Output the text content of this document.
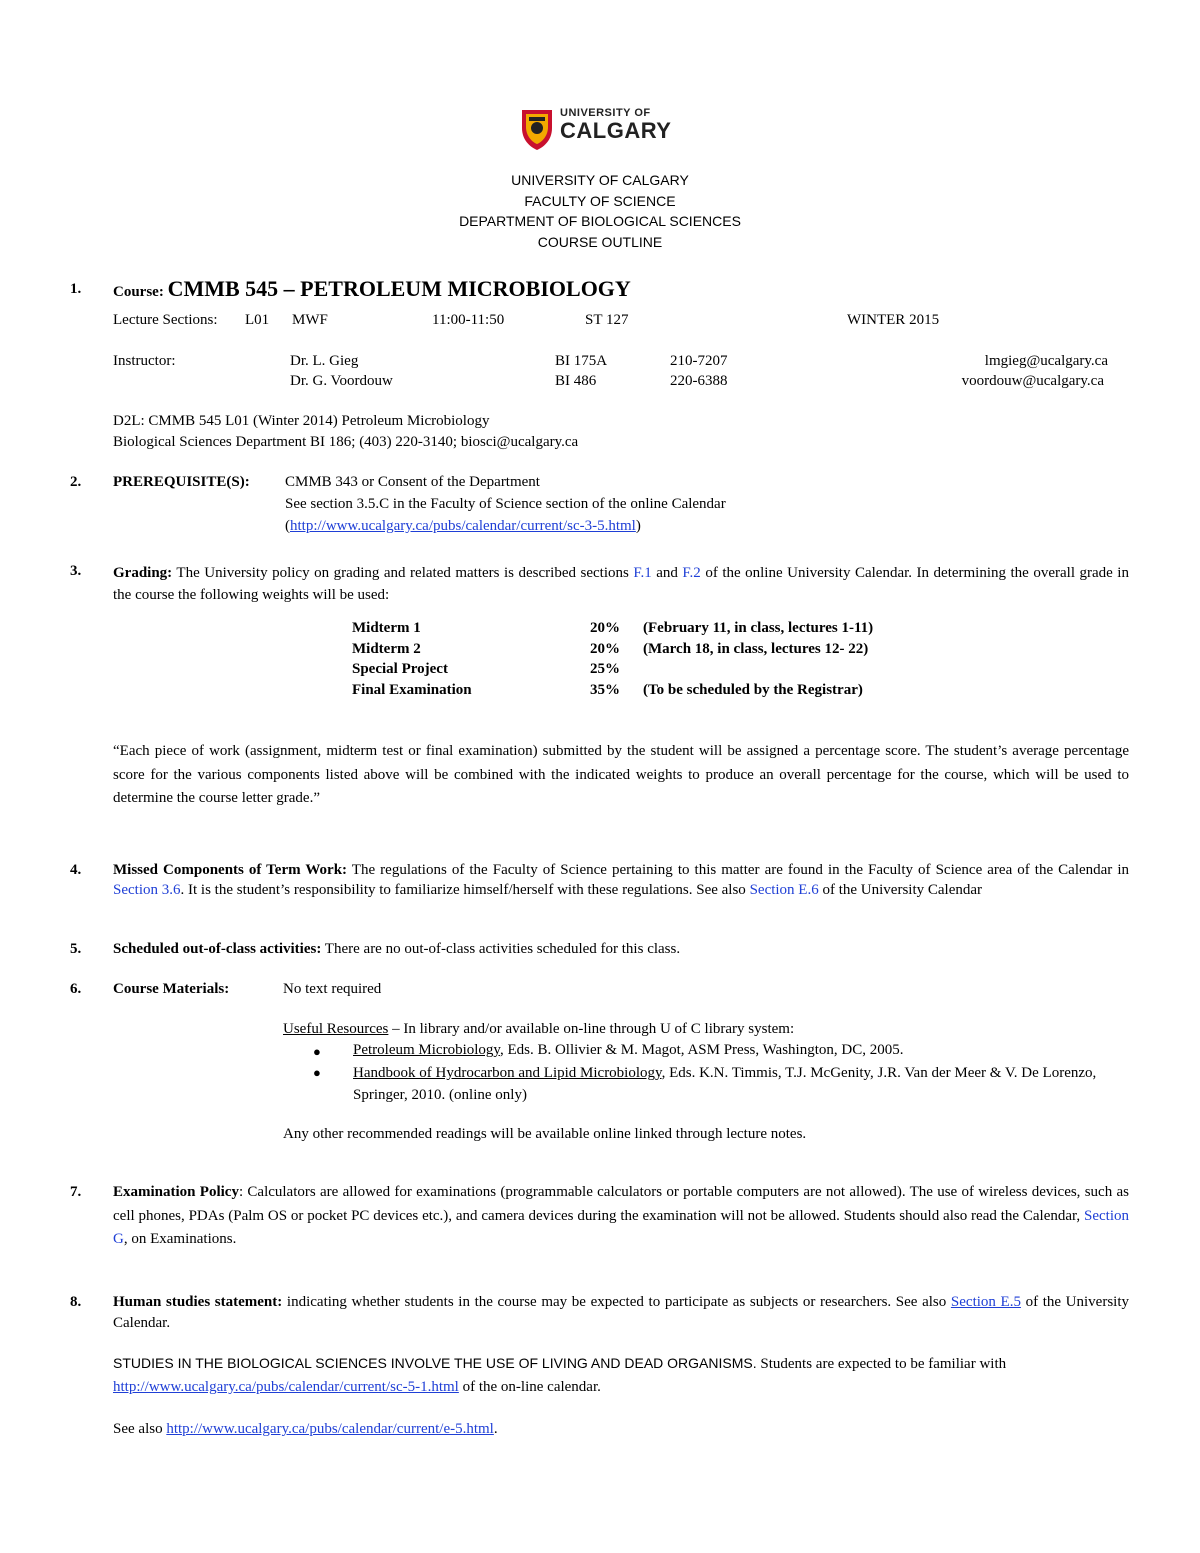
UNIVERSITY OF
CALGARY
UNIVERSITY OF CALGARY
FACULTY OF SCIENCE
DEPARTMENT OF BIOLOGICAL SCIENCES
COURSE OUTLINE
1. Course: CMMB 545 – PETROLEUM MICROBIOLOGY
Lecture Sections: L01 MWF	11:00-11:50	ST 127	WINTER 2015
Instructor:	Dr. L. Gieg	BI 175A	210-7207	lmgieg@ucalgary.ca
Dr. G. Voordouw	BI 486	220-6388	voordouw@ucalgary.ca
D2L: CMMB 545 L01 (Winter 2014) Petroleum Microbiology
Biological Sciences Department BI 186; (403) 220-3140; biosci@ucalgary.ca
2. PREREQUISITE(S): CMMB 343 or Consent of the Department
See section 3.5.C in the Faculty of Science section of the online Calendar
(http://www.ucalgary.ca/pubs/calendar/current/sc-3-5.html)
3. Grading: The University policy on grading and related matters is described sections F.1 and F.2 of the online University Calendar. In determining the overall grade in the course the following weights will be used:
Midterm 1	20% (February 11, in class, lectures 1-11)
Midterm 2	20% (March 18, in class, lectures 12- 22)
Special Project	25%
Final Examination	35% (To be scheduled by the Registrar)
“Each piece of work (assignment, midterm test or final examination) submitted by the student will be assigned a percentage score. The student’s average percentage score for the various components listed above will be combined with the indicated weights to produce an overall percentage for the course, which will be used to determine the course letter grade.”
4. Missed Components of Term Work: The regulations of the Faculty of Science pertaining to this matter are found in the Faculty of Science area of the Calendar in Section 3.6. It is the student’s responsibility to familiarize himself/herself with these regulations. See also Section E.6 of the University Calendar
5. Scheduled out-of-class activities: There are no out-of-class activities scheduled for this class.
6. Course Materials:	No text required
Useful Resources – In library and/or available on-line through U of C library system:
● Petroleum Microbiology, Eds. B. Ollivier & M. Magot, ASM Press, Washington, DC, 2005.
● Handbook of Hydrocarbon and Lipid Microbiology, Eds. K.N. Timmis, T.J. McGenity, J.R. Van der Meer & V. De Lorenzo, Springer, 2010. (online only)
Any other recommended readings will be available online linked through lecture notes.
7. Examination Policy: Calculators are allowed for examinations (programmable calculators or portable computers are not allowed). The use of wireless devices, such as cell phones, PDAs (Palm OS or pocket PC devices etc.), and camera devices during the examination will not be allowed. Students should also read the Calendar, Section G, on Examinations.
8. Human studies statement: indicating whether students in the course may be expected to participate as subjects or researchers. See also Section E.5 of the University Calendar.
STUDIES IN THE BIOLOGICAL SCIENCES INVOLVE THE USE OF LIVING AND DEAD ORGANISMS. Students are expected to be familiar with http://www.ucalgary.ca/pubs/calendar/current/sc-5-1.html of the on-line calendar.
See also http://www.ucalgary.ca/pubs/calendar/current/e-5.html.
